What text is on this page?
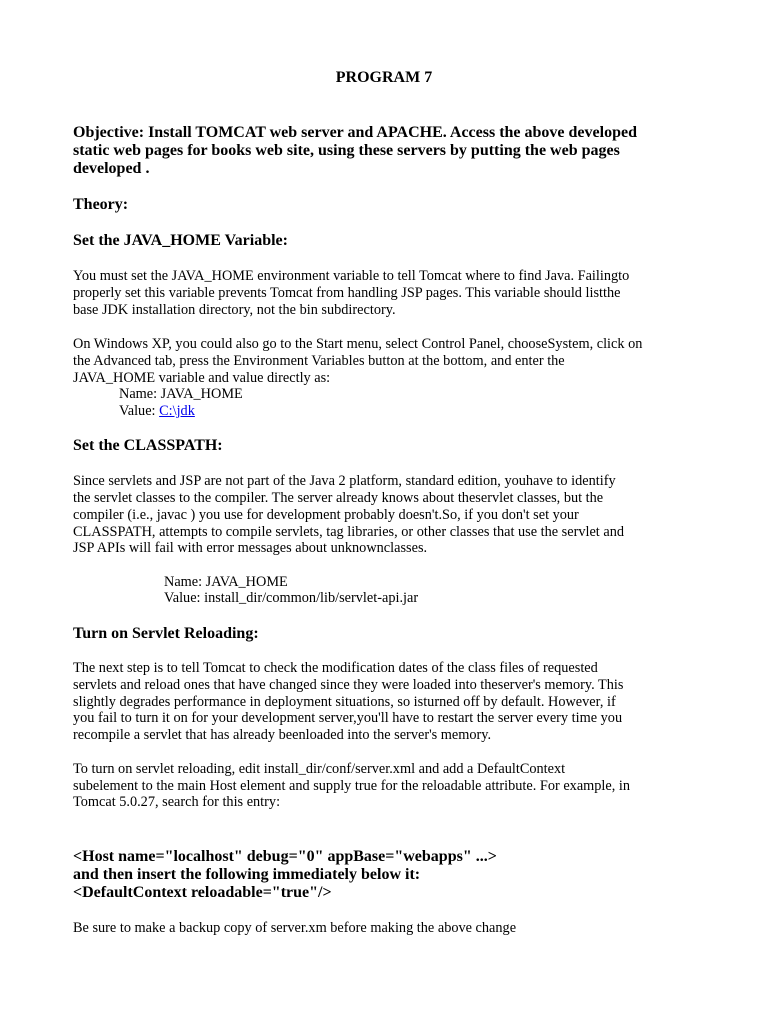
PROGRAM 7
Objective: Install TOMCAT web server and APACHE. Access the above developed
static web pages for books web site, using these servers by putting the web pages
developed .
Theory:
Set the JAVA_HOME Variable:
You must set the JAVA_HOME environment variable to tell Tomcat where to find Java. Failingto
properly set this variable prevents Tomcat from handling JSP pages. This variable should listthe
base JDK installation directory, not the bin subdirectory.
On Windows XP, you could also go to the Start menu, select Control Panel, chooseSystem, click on
the Advanced tab, press the Environment Variables button at the bottom, and enter the
JAVA_HOME variable and value directly as:
Name: JAVA_HOME
Value: C:\jdk
Set the CLASSPATH:
Since servlets and JSP are not part of the Java 2 platform, standard edition, youhave to identify
the servlet classes to the compiler. The server already knows about theservlet classes, but the
compiler (i.e., javac ) you use for development probably doesn't.So, if you don't set your
CLASSPATH, attempts to compile servlets, tag libraries, or other classes that use the servlet and
JSP APIs will fail with error messages about unknownclasses.
Name: JAVA_HOME
Value: install_dir/common/lib/servlet-api.jar
Turn on Servlet Reloading:
The next step is to tell Tomcat to check the modification dates of the class files of requested
servlets and reload ones that have changed since they were loaded into theserver's memory. This
slightly degrades performance in deployment situations, so isturned off by default. However, if
you fail to turn it on for your development server,you'll have to restart the server every time you
recompile a servlet that has already beenloaded into the server's memory.
To turn on servlet reloading, edit install_dir/conf/server.xml and add a DefaultContext
subelement to the main Host element and supply true for the reloadable attribute. For example, in
Tomcat 5.0.27, search for this entry:
<Host name="localhost" debug="0" appBase="webapps" ...>
and then insert the following immediately below it:
<DefaultContext reloadable="true"/>
Be sure to make a backup copy of server.xm before making the above change
